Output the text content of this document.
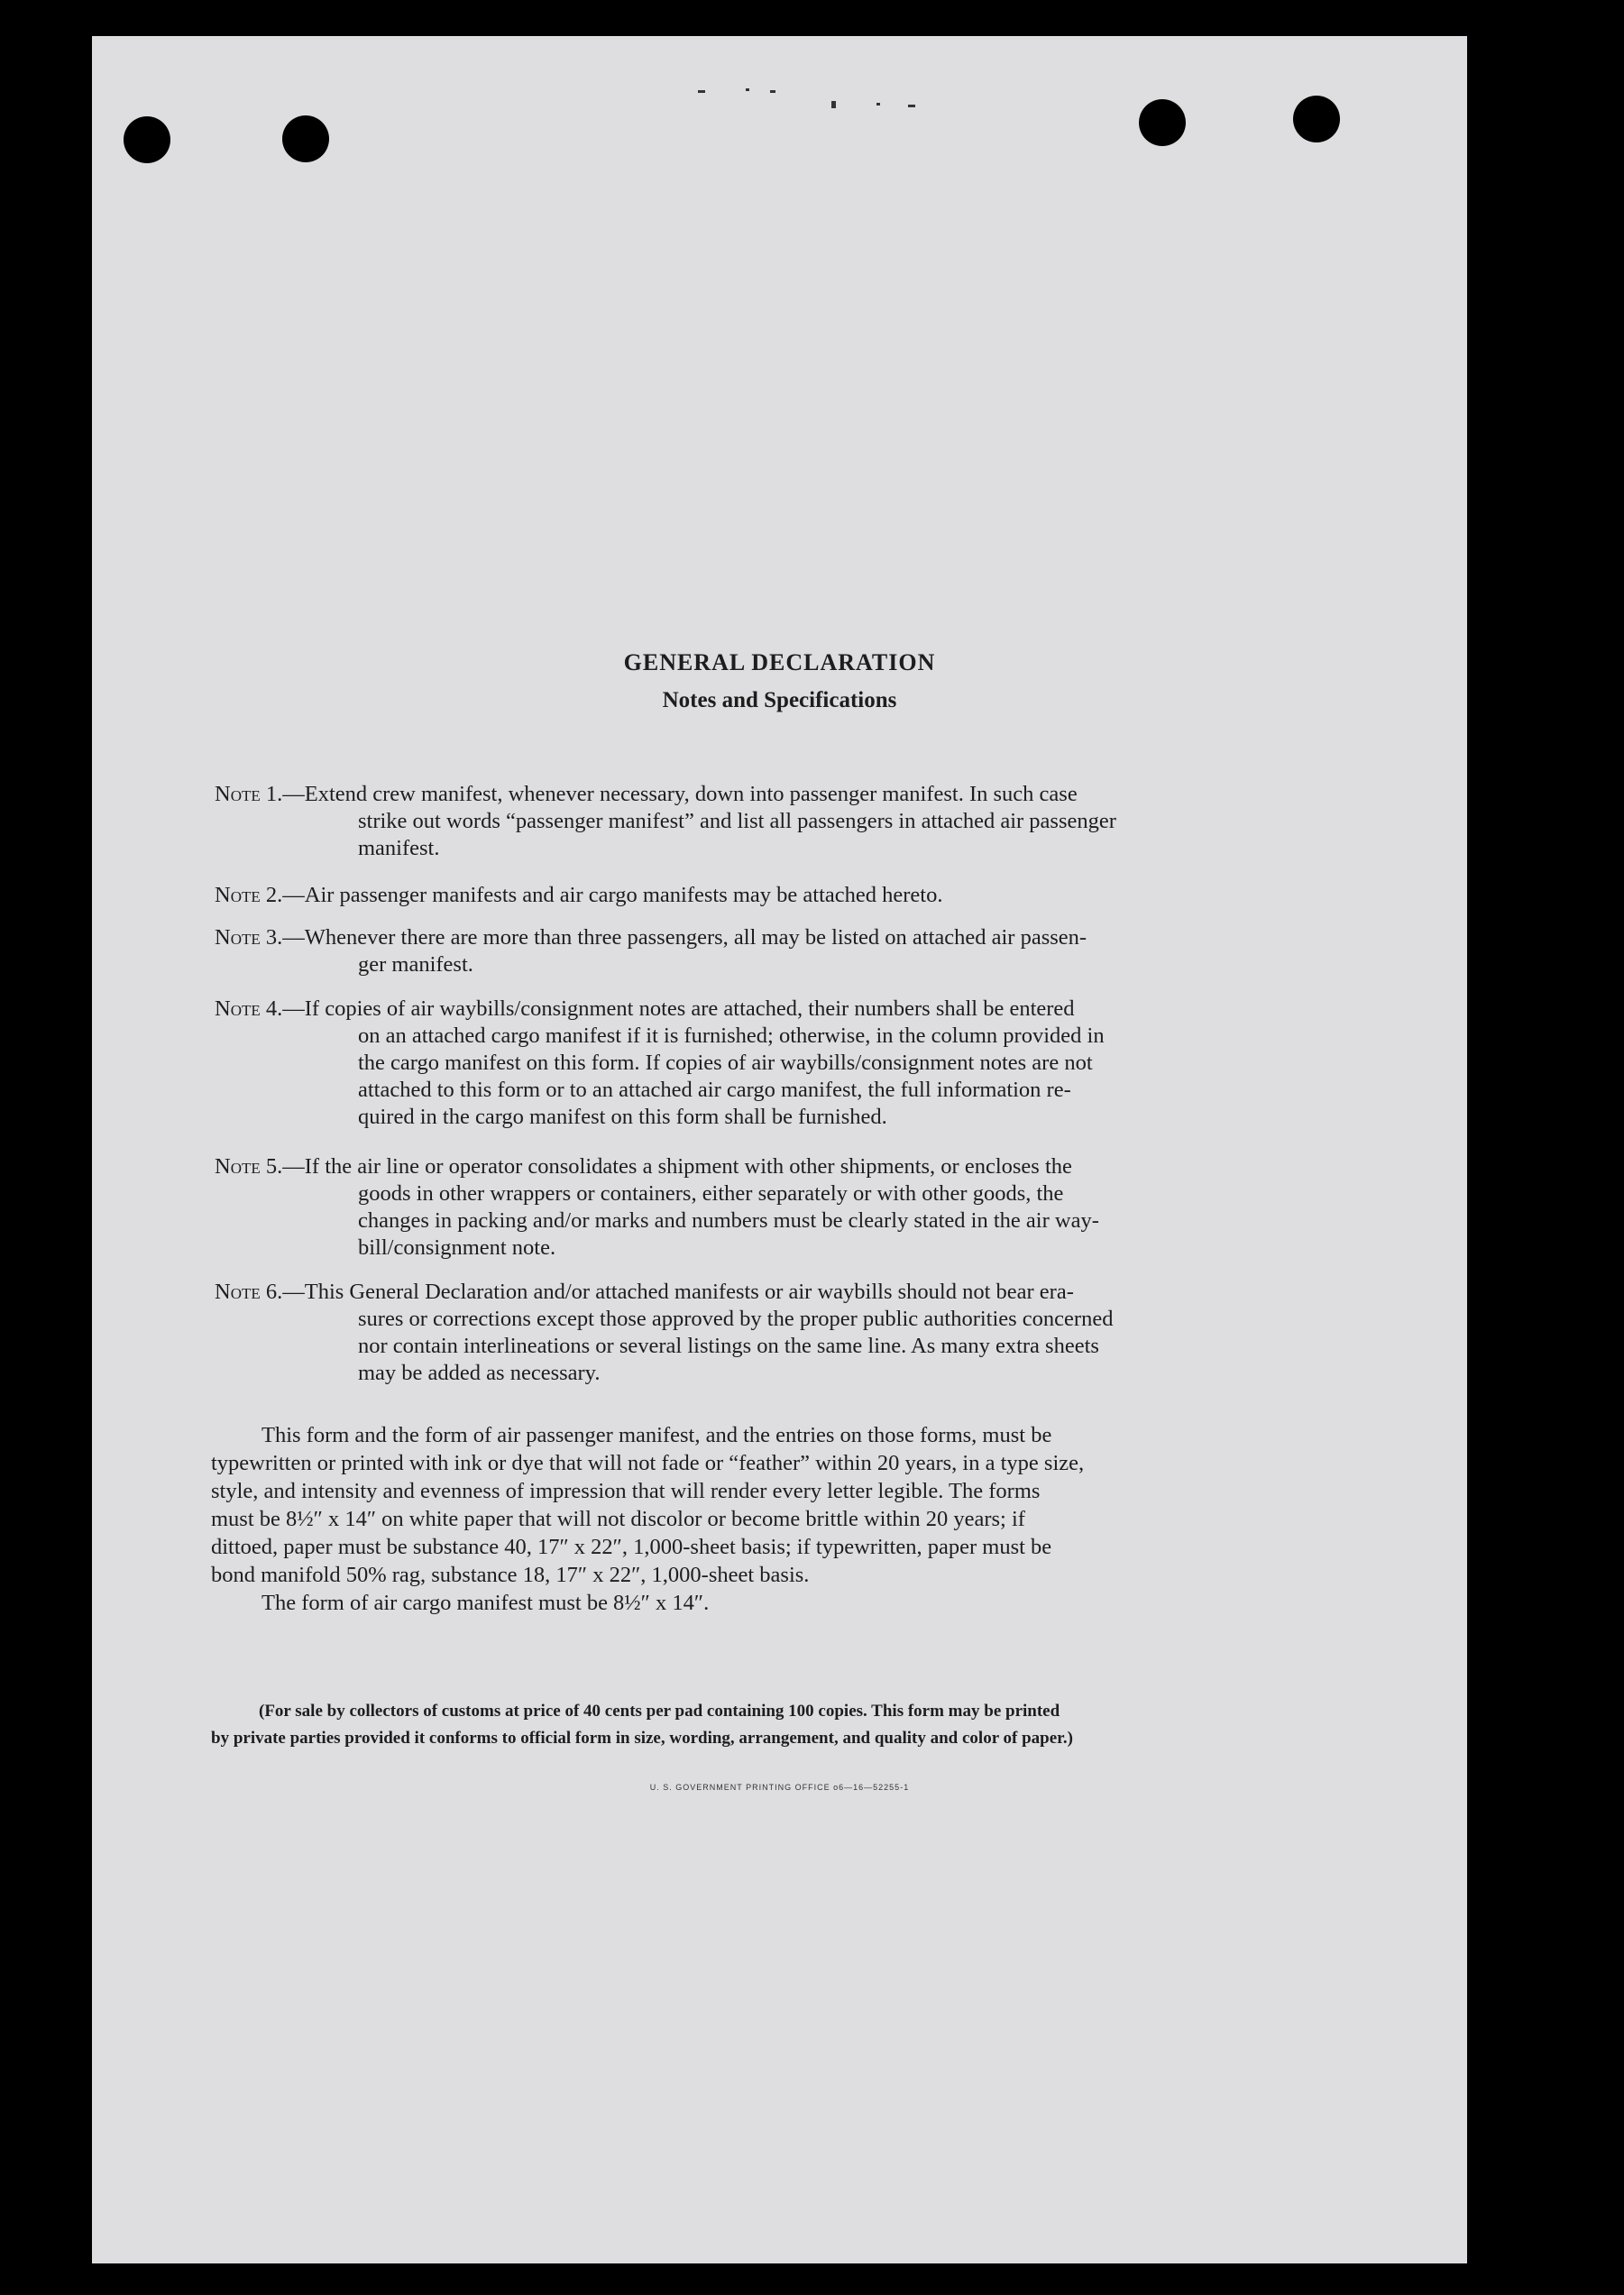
GENERAL DECLARATION
Notes and Specifications
Note 1.—Extend crew manifest, whenever necessary, down into passenger manifest. In such case
strike out words “passenger manifest” and list all passengers in attached air passenger
manifest.
Note 2.—Air passenger manifests and air cargo manifests may be attached hereto.
Note 3.—Whenever there are more than three passengers, all may be listed on attached air passen-
ger manifest.
Note 4.—If copies of air waybills/consignment notes are attached, their numbers shall be entered
on an attached cargo manifest if it is furnished; otherwise, in the column provided in
the cargo manifest on this form. If copies of air waybills/consignment notes are not
attached to this form or to an attached air cargo manifest, the full information re-
quired in the cargo manifest on this form shall be furnished.
Note 5.—If the air line or operator consolidates a shipment with other shipments, or encloses the
goods in other wrappers or containers, either separately or with other goods, the
changes in packing and/or marks and numbers must be clearly stated in the air way-
bill/consignment note.
Note 6.—This General Declaration and/or attached manifests or air waybills should not bear era-
sures or corrections except those approved by the proper public authorities concerned
nor contain interlineations or several listings on the same line. As many extra sheets
may be added as necessary.
This form and the form of air passenger manifest, and the entries on those forms, must be
typewritten or printed with ink or dye that will not fade or “feather” within 20 years, in a type size,
style, and intensity and evenness of impression that will render every letter legible. The forms
must be 8½″ x 14″ on white paper that will not discolor or become brittle within 20 years; if
dittoed, paper must be substance 40, 17″ x 22″, 1,000-sheet basis; if typewritten, paper must be
bond manifold 50% rag, substance 18, 17″ x 22″, 1,000-sheet basis.
The form of air cargo manifest must be 8½″ x 14″.
(For sale by collectors of customs at price of 40 cents per pad containing 100 copies. This form may be printed
by private parties provided it conforms to official form in size, wording, arrangement, and quality and color of paper.)
U. S. GOVERNMENT PRINTING OFFICE o6—16—52255-1
